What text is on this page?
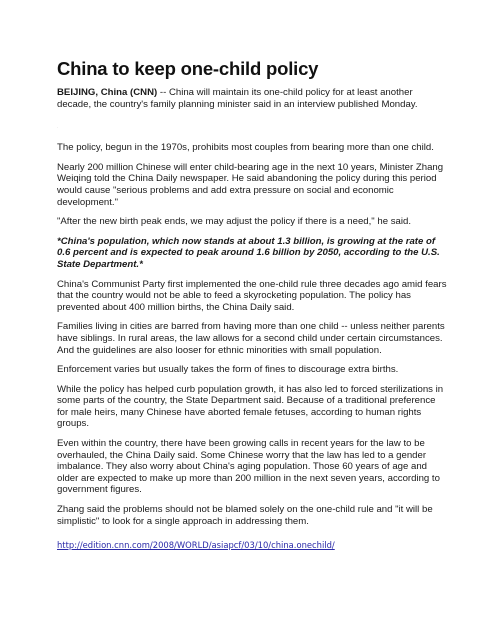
China to keep one-child policy

BEIJING, China (CNN) -- China will maintain its one-child policy for at least another decade, the country's family planning minister said in an interview published Monday.

.

The policy, begun in the 1970s, prohibits most couples from bearing more than one child.

Nearly 200 million Chinese will enter child-bearing age in the next 10 years, Minister Zhang Weiqing told the China Daily newspaper. He said abandoning the policy during this period would cause "serious problems and add extra pressure on social and economic development."

"After the new birth peak ends, we may adjust the policy if there is a need," he said.

*China's population, which now stands at about 1.3 billion, is growing at the rate of 0.6 percent and is expected to peak around 1.6 billion by 2050, according to the U.S. State Department.*

China's Communist Party first implemented the one-child rule three decades ago amid fears that the country would not be able to feed a skyrocketing population. The policy has prevented about 400 million births, the China Daily said.

Families living in cities are barred from having more than one child -- unless neither parents have siblings. In rural areas, the law allows for a second child under certain circumstances. And the guidelines are also looser for ethnic minorities with small population.

Enforcement varies but usually takes the form of fines to discourage extra births.

While the policy has helped curb population growth, it has also led to forced sterilizations in some parts of the country, the State Department said. Because of a traditional preference for male heirs, many Chinese have aborted female fetuses, according to human rights groups.

Even within the country, there have been growing calls in recent years for the law to be overhauled, the China Daily said. Some Chinese worry that the law has led to a gender imbalance. They also worry about China's aging population. Those 60 years of age and older are expected to make up more than 200 million in the next seven years, according to government figures.

Zhang said the problems should not be blamed solely on the one-child rule and "it will be simplistic" to look for a single approach in addressing them.

http://edition.cnn.com/2008/WORLD/asiapcf/03/10/china.onechild/
